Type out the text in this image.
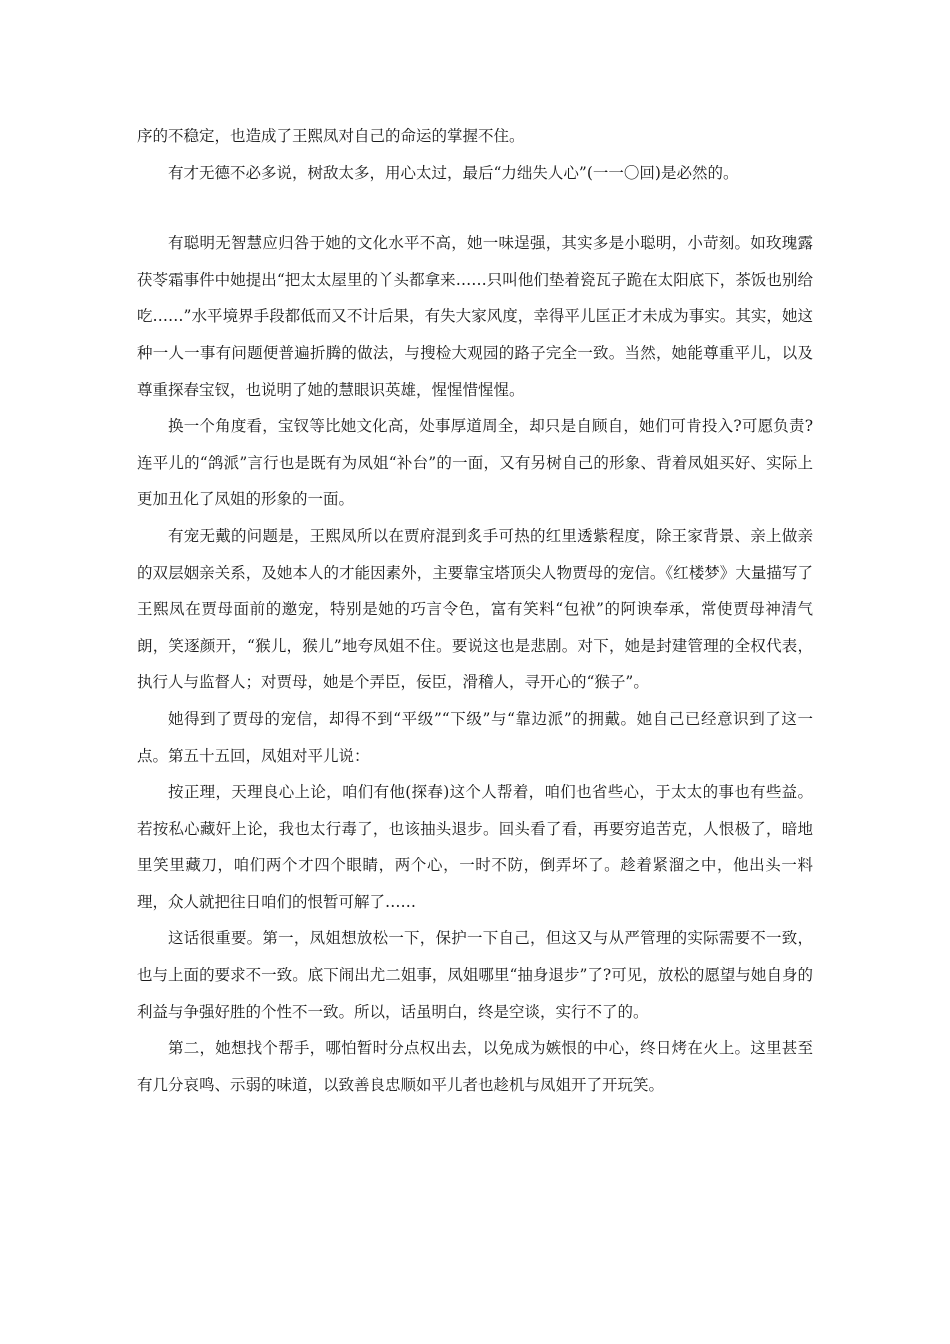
序的不稳定，也造成了王熙凤对自己的命运的掌握不住。

有才无德不必多说，树敌太多，用心太过，最后“力绌失人心”(一一〇回)是必然的。

有聪明无智慧应归咎于她的文化水平不高，她一味逞强，其实多是小聪明，小苛刻。如玫瑰露茯苓霜事件中她提出“把太太屋里的丫头都拿来……只叫他们垫着瓷瓦子跪在太阳底下，茶饭也别给吃……”水平境界手段都低而又不计后果，有失大家风度，幸得平儿匡正才未成为事实。其实，她这种一人一事有问题便普遍折腾的做法，与搜检大观园的路子完全一致。当然，她能尊重平儿，以及尊重探春宝钗，也说明了她的慧眼识英雄，惺惺惜惺惺。

换一个角度看，宝钗等比她文化高，处事厚道周全，却只是自顾自，她们可肯投入?可愿负责?连平儿的“鸽派”言行也是既有为凤姐“补台”的一面，又有另树自己的形象、背着凤姐买好、实际上更加丑化了凤姐的形象的一面。

有宠无戴的问题是，王熙凤所以在贾府混到炙手可热的红里透紫程度，除王家背景、亲上做亲的双层姻亲关系，及她本人的才能因素外，主要靠宝塔顶尖人物贾母的宠信。《红楼梦》大量描写了王熙凤在贾母面前的邀宠，特别是她的巧言令色，富有笑料“包袱”的阿谀奉承，常使贾母神清气朗，笑逐颜开，“猴儿，猴儿”地夸凤姐不住。要说这也是悲剧。对下，她是封建管理的全权代表，执行人与监督人；对贾母，她是个弄臣，佞臣，滑稽人，寻开心的“猴子”。

她得到了贾母的宠信，却得不到“平级”“下级”与“靠边派”的拥戴。她自己已经意识到了这一点。第五十五回，凤姐对平儿说：

按正理，天理良心上论，咱们有他(探春)这个人帮着，咱们也省些心，于太太的事也有些益。若按私心藏奸上论，我也太行毒了，也该抽头退步。回头看了看，再要穷追苦克，人恨极了，暗地里笑里藏刀，咱们两个才四个眼睛，两个心，一时不防，倒弄坏了。趁着紧溜之中，他出头一料理，众人就把往日咱们的恨暂可解了……

这话很重要。第一，凤姐想放松一下，保护一下自己，但这又与从严管理的实际需要不一致，也与上面的要求不一致。底下闹出尤二姐事，凤姐哪里“抽身退步”了?可见，放松的愿望与她自身的利益与争强好胜的个性不一致。所以，话虽明白，终是空谈，实行不了的。

第二，她想找个帮手，哪怕暂时分点权出去，以免成为嫉恨的中心，终日烤在火上。这里甚至有几分哀鸣、示弱的味道，以致善良忠顺如平儿者也趁机与凤姐开了开玩笑。
